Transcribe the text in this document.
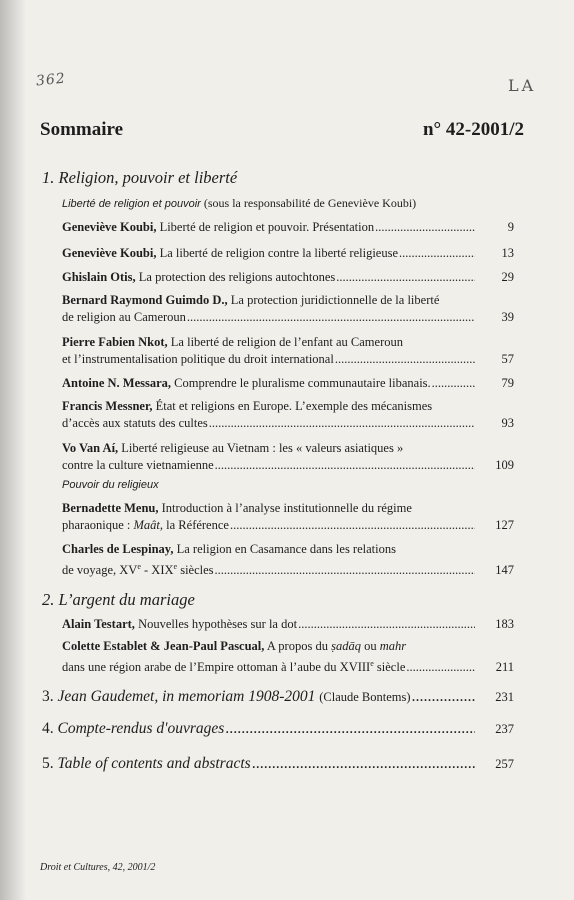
362	LA
Sommaire	n° 42-2001/2
1. Religion, pouvoir et liberté
Liberté de religion et pouvoir (sous la responsabilité de Geneviève Koubi)
Geneviève Koubi, Liberté de religion et pouvoir. Présentation .....	9
Geneviève Koubi, La liberté de religion contre la liberté religieuse .....	13
Ghislain Otis, La protection des religions autochtones .....	29
Bernard Raymond Guimdo D., La protection juridictionnelle de la liberté
de religion au Cameroun .....	39
Pierre Fabien Nkot, La liberté de religion de l’enfant au Cameroun
et l’instrumentalisation politique du droit international .....	57
Antoine N. Messara, Comprendre le pluralisme communautaire libanais. .....	79
Francis Messner, État et religions en Europe. L’exemple des mécanismes
d’accès aux statuts des cultes .....	93
Vo Van Aí, Liberté religieuse au Vietnam : les « valeurs asiatiques »
contre la culture vietnamienne .....	109
Pouvoir du religieux
Bernadette Menu, Introduction à l’analyse institutionnelle du régime
pharaonique : Maât, la Référence .....	127
Charles de Lespinay, La religion en Casamance dans les relations
de voyage, XVe - XIXe siècles .....	147
2. L’argent du mariage
Alain Testart, Nouvelles hypothèses sur la dot .....	183
Colette Establet & Jean-Paul Pascual, A propos du ṣadāq ou mahr
dans une région arabe de l’Empire ottoman à l’aube du XVIIIe siècle .....	211
3. Jean Gaudemet, in memoriam 1908-2001 (Claude Bontems) .....	231
4. Compte-rendus d'ouvrages .....	237
5. Table of contents and abstracts .....	257
Droit et Cultures, 42, 2001/2
